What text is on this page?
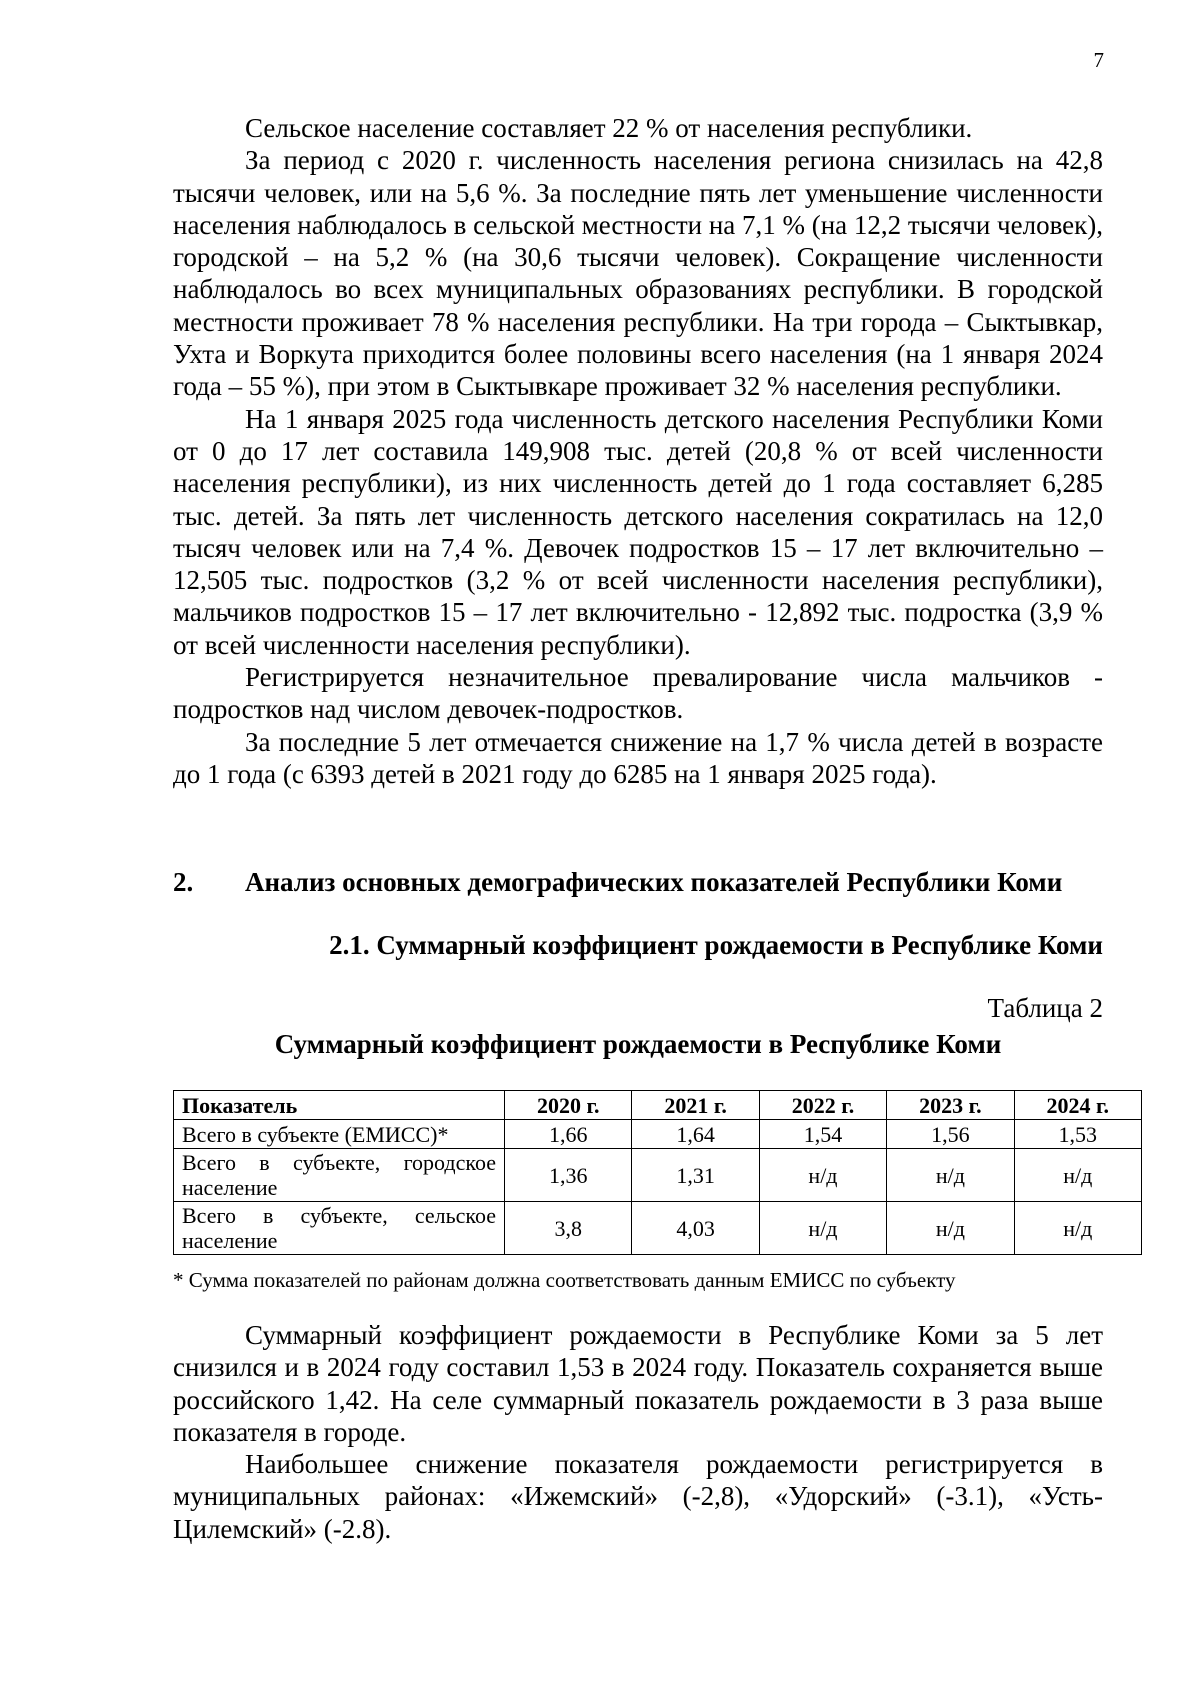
7

Сельское население составляет 22 % от населения республики.

За период с 2020 г. численность населения региона снизилась на 42,8 тысячи человек, или на 5,6 %. За последние пять лет уменьшение численности населения наблюдалось в сельской местности на 7,1 % (на 12,2 тысячи человек), городской – на 5,2 % (на 30,6 тысячи человек). Сокращение численности наблюдалось во всех муниципальных образованиях республики. В городской местности проживает 78 % населения республики. На три города – Сыктывкар, Ухта и Воркута приходится более половины всего населения (на 1 января 2024 года – 55 %), при этом в Сыктывкаре проживает 32 % населения республики.

На 1 января 2025 года численность детского населения Республики Коми от 0 до 17 лет составила 149,908 тыс. детей (20,8 % от всей численности населения республики), из них численность детей до 1 года составляет 6,285 тыс. детей. За пять лет численность детского населения сократилась на 12,0 тысяч человек или на 7,4 %. Девочек подростков 15 – 17 лет включительно – 12,505 тыс. подростков (3,2 % от всей численности населения республики), мальчиков подростков 15 – 17 лет включительно - 12,892 тыс. подростка (3,9 % от всей численности населения республики).

Регистрируется незначительное превалирование числа мальчиков - подростков над числом девочек-подростков.

За последние 5 лет отмечается снижение на 1,7 % числа детей в возрасте до 1 года (с 6393 детей в 2021 году до 6285 на 1 января 2025 года).

2.	Анализ основных демографических показателей Республики Коми
2.1. Суммарный коэффициент рождаемости в Республике Коми
Таблица 2
Суммарный коэффициент рождаемости в Республике Коми
Показатель	2020 г.	2021 г.	2022 г.	2023 г.	2024 г.
Всего в субъекте (ЕМИСС)*	1,66	1,64	1,54	1,56	1,53
Всего в субъекте, городское население	1,36	1,31	н/д	н/д	н/д
Всего в субъекте, сельское население	3,8	4,03	н/д	н/д	н/д
* Сумма показателей по районам должна соответствовать данным ЕМИСС по субъекту

Суммарный коэффициент рождаемости в Республике Коми за 5 лет снизился и в 2024 году составил 1,53 в 2024 году. Показатель сохраняется выше российского 1,42. На селе суммарный показатель рождаемости в 3 раза выше показателя в городе.

Наибольшее снижение показателя рождаемости регистрируется в муниципальных районах: «Ижемский» (-2,8), «Удорский» (-3.1), «Усть-Цилемский» (-2.8).
